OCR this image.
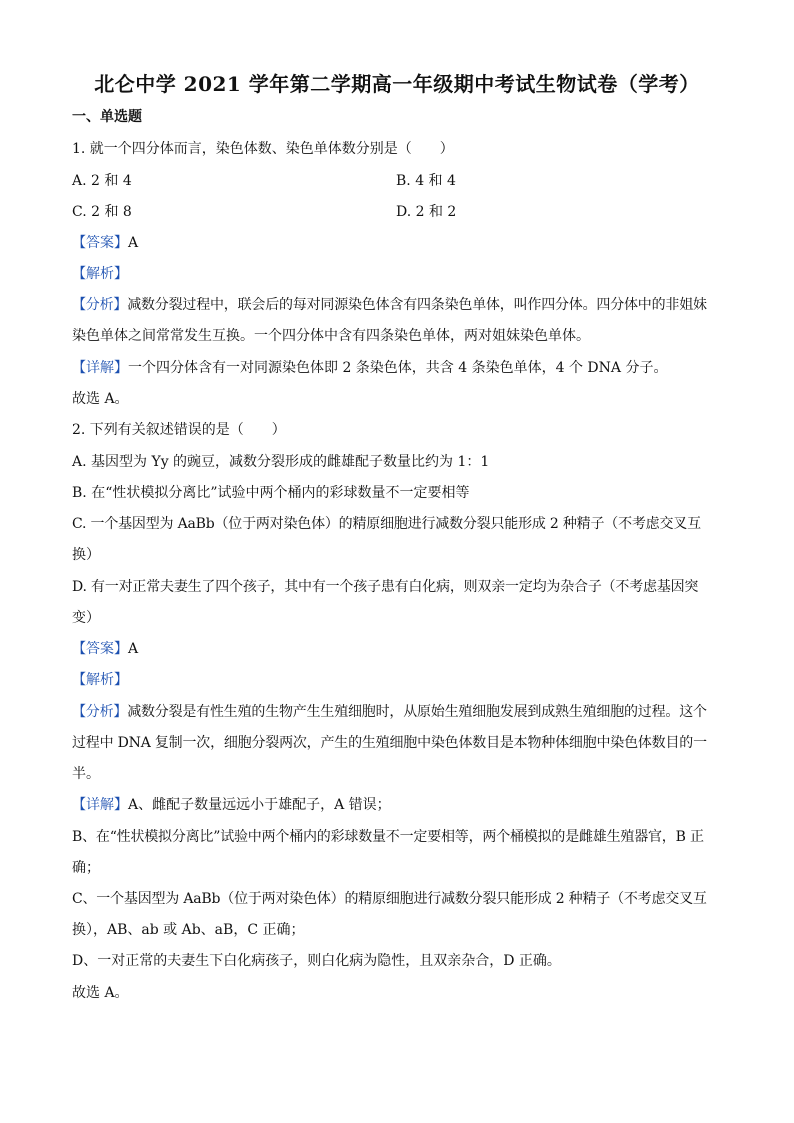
北仑中学 2021 学年第二学期高一年级期中考试生物试卷（学考）
一、单选题
1. 就一个四分体而言，染色体数、染色单体数分别是（　　）
A. 2 和 4	B. 4 和 4
C. 2 和 8	D. 2 和 2
【答案】A
【解析】
【分析】减数分裂过程中，联会后的每对同源染色体含有四条染色单体，叫作四分体。四分体中的非姐妹
染色单体之间常常发生互换。一个四分体中含有四条染色单体，两对姐妹染色单体。
【详解】一个四分体含有一对同源染色体即 2 条染色体，共含 4 条染色单体，4 个 DNA 分子。
故选 A。
2. 下列有关叙述错误的是（　　）
A. 基因型为 Yy 的豌豆，减数分裂形成的雌雄配子数量比约为 1：1
B. 在“性状模拟分离比”试验中两个桶内的彩球数量不一定要相等
C. 一个基因型为 AaBb（位于两对染色体）的精原细胞进行减数分裂只能形成 2 种精子（不考虑交叉互
换）
D. 有一对正常夫妻生了四个孩子，其中有一个孩子患有白化病，则双亲一定均为杂合子（不考虑基因突
变）
【答案】A
【解析】
【分析】减数分裂是有性生殖的生物产生生殖细胞时，从原始生殖细胞发展到成熟生殖细胞的过程。这个
过程中 DNA 复制一次，细胞分裂两次，产生的生殖细胞中染色体数目是本物种体细胞中染色体数目的一
半。
【详解】A、雌配子数量远远小于雄配子，A 错误；
B、在“性状模拟分离比”试验中两个桶内的彩球数量不一定要相等，两个桶模拟的是雌雄生殖器官，B 正
确；
C、一个基因型为 AaBb（位于两对染色体）的精原细胞进行减数分裂只能形成 2 种精子（不考虑交叉互
换），AB、ab 或 Ab、aB，C 正确；
D、一对正常的夫妻生下白化病孩子，则白化病为隐性，且双亲杂合，D 正确。
故选 A。
